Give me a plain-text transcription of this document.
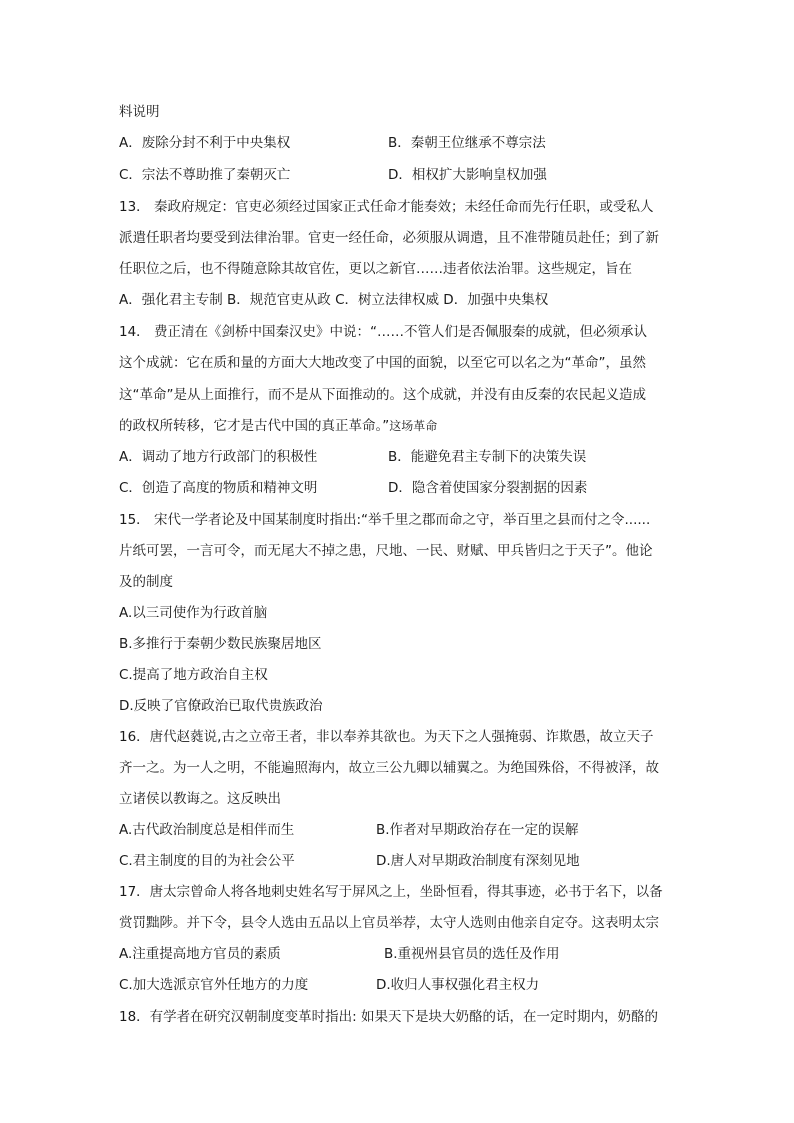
料说明
A．废除分封不利于中央集权	B．秦朝王位继承不尊宗法
C．宗法不尊助推了秦朝灭亡	D．相权扩大影响皇权加强
13． 秦政府规定：官吏必须经过国家正式任命才能奏效；未经任命而先行任职，或受私人
派遣任职者均要受到法律治罪。官吏一经任命，必须服从调遣，且不准带随员赴任；到了新
任职位之后，也不得随意除其故官佐，更以之新官……违者依法治罪。这些规定，旨在
A．强化君主专制 B．规范官吏从政 C．树立法律权威 D．加强中央集权
14． 费正清在《剑桥中国秦汉史》中说：“……不管人们是否佩服秦的成就，但必须承认
这个成就：它在质和量的方面大大地改变了中国的面貌，以至它可以名之为“革命”，虽然
这“革命”是从上面推行，而不是从下面推动的。这个成就，并没有由反秦的农民起义造成
的政权所转移，它才是古代中国的真正革命。”这场革命
A．调动了地方行政部门的积极性	B．能避免君主专制下的决策失误
C．创造了高度的物质和精神文明	D．隐含着使国家分裂割据的因素
15． 宋代一学者论及中国某制度时指出:“举千里之郡而命之守，举百里之县而付之令......
片纸可罢，一言可令，而无尾大不掉之患，尺地、一民、财赋、甲兵皆归之于天子”。他论
及的制度
A.以三司使作为行政首脑
B.多推行于秦朝少数民族聚居地区
C.提高了地方政治自主权
D.反映了官僚政治已取代贵族政治
16．唐代赵蕤说,古之立帝王者，非以奉养其欲也。为天下之人强掩弱、诈欺愚，故立天子
齐一之。为一人之明，不能遍照海内，故立三公九卿以辅翼之。为绝国殊俗，不得被泽，故
立诸侯以教诲之。这反映出
A.古代政治制度总是相伴而生	B.作者对早期政治存在一定的误解
C.君主制度的目的为社会公平	D.唐人对早期政治制度有深刻见地
17．唐太宗曾命人将各地刺史姓名写于屏风之上，坐卧恒看，得其事迹，必书于名下，以备
赏罚黜陟。并下令，县令人选由五品以上官员举荐，太守人选则由他亲自定夺。这表明太宗
A.注重提高地方官员的素质	B.重视州县官员的选任及作用
C.加大选派京官外任地方的力度	D.收归人事权强化君主权力
18．有学者在研究汉朝制度变革时指出: 如果天下是块大奶酪的话，在一定时期内，奶酪的
